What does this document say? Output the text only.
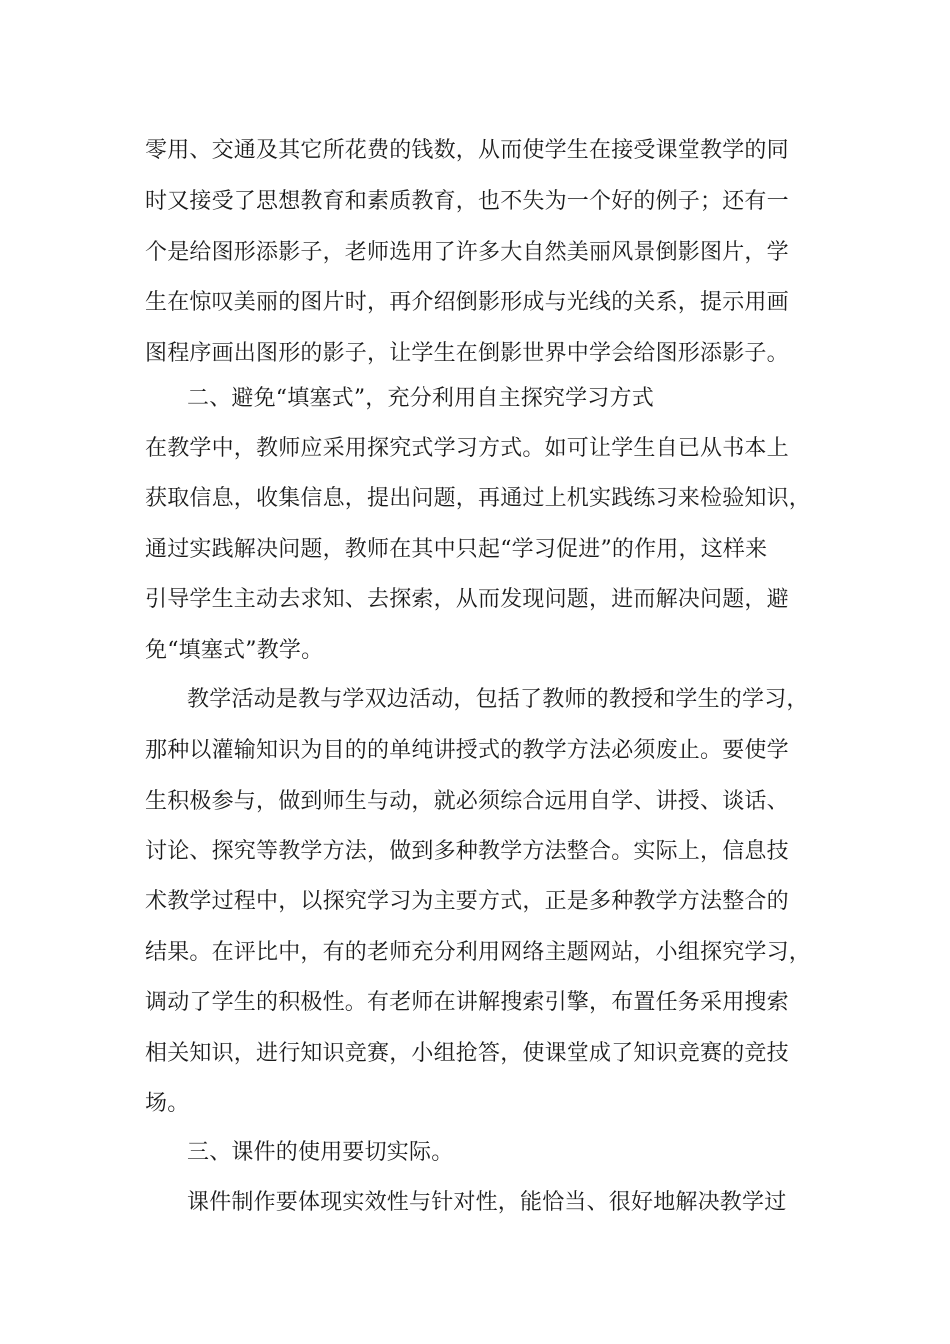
零用、交通及其它所花费的钱数，从而使学生在接受课堂教学的同
时又接受了思想教育和素质教育，也不失为一个好的例子；还有一
个是给图形添影子，老师选用了许多大自然美丽风景倒影图片，学
生在惊叹美丽的图片时，再介绍倒影形成与光线的关系，提示用画
图程序画出图形的影子，让学生在倒影世界中学会给图形添影子。
二、避免“填塞式”，充分利用自主探究学习方式
在教学中，教师应采用探究式学习方式。如可让学生自已从书本上
获取信息，收集信息，提出问题，再通过上机实践练习来检验知识，
通过实践解决问题，教师在其中只起“学习促进”的作用，这样来
引导学生主动去求知、去探索，从而发现问题，进而解决问题，避
免“填塞式”教学。
教学活动是教与学双边活动，包括了教师的教授和学生的学习，
那种以灌输知识为目的的单纯讲授式的教学方法必须废止。要使学
生积极参与，做到师生与动，就必须综合远用自学、讲授、谈话、
讨论、探究等教学方法，做到多种教学方法整合。实际上，信息技
术教学过程中，以探究学习为主要方式，正是多种教学方法整合的
结果。在评比中，有的老师充分利用网络主题网站，小组探究学习，
调动了学生的积极性。有老师在讲解搜索引擎，布置任务采用搜索
相关知识，进行知识竞赛，小组抢答，使课堂成了知识竞赛的竞技
场。
三、课件的使用要切实际。
课件制作要体现实效性与针对性，能恰当、很好地解决教学过
